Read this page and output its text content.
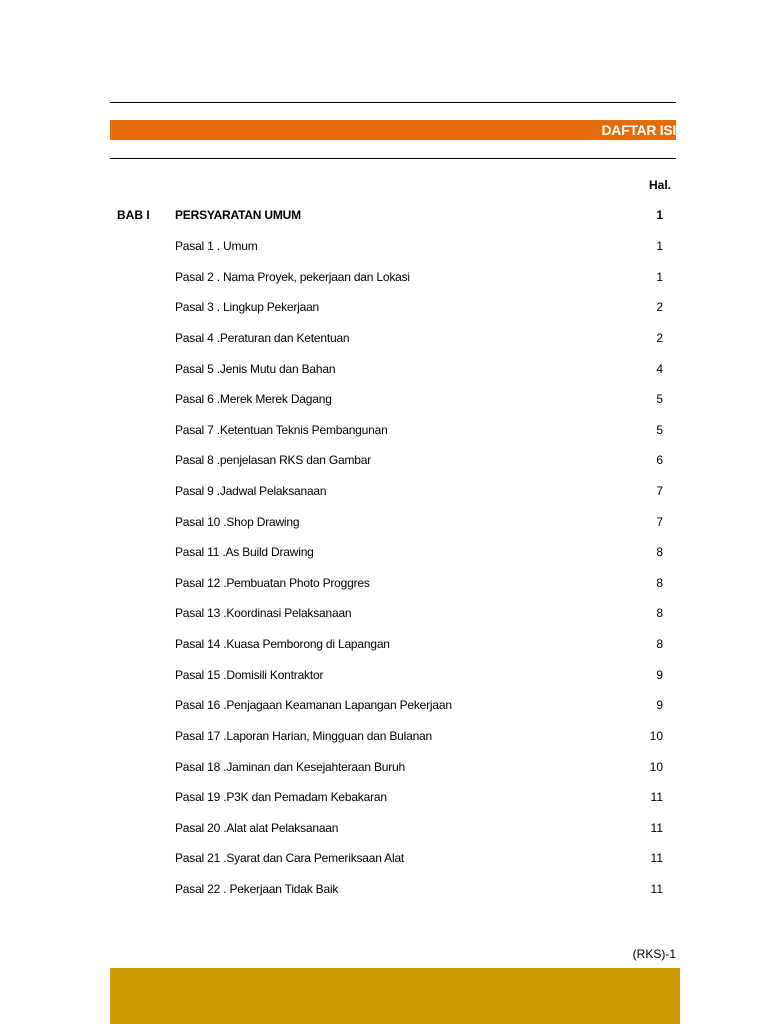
DAFTAR ISI
Hal.
BAB I PERSYARATAN UMUM	1
Pasal 1 . Umum	1
Pasal 2 . Nama Proyek, pekerjaan dan Lokasi	1
Pasal 3 . Lingkup Pekerjaan	2
Pasal 4 .Peraturan dan Ketentuan	2
Pasal 5 .Jenis Mutu dan Bahan	4
Pasal 6 .Merek Merek Dagang	5
Pasal 7 .Ketentuan Teknis Pembangunan	5
Pasal 8 .penjelasan RKS dan Gambar	6
Pasal 9 .Jadwal Pelaksanaan	7
Pasal 10 .Shop Drawing	7
Pasal 11 .As Build Drawing	8
Pasal 12 .Pembuatan Photo Proggres	8
Pasal 13 .Koordinasi Pelaksanaan	8
Pasal 14 .Kuasa Pemborong di Lapangan	8
Pasal 15 .Domisili Kontraktor	9
Pasal 16 .Penjagaan Keamanan Lapangan Pekerjaan	9
Pasal 17 .Laporan Harian, Mingguan dan Bulanan	10
Pasal 18 .Jaminan dan Kesejahteraan Buruh	10
Pasal 19 .P3K dan Pemadam Kebakaran	11
Pasal 20 .Alat alat Pelaksanaan	11
Pasal 21 .Syarat dan Cara Pemeriksaan Alat	11
Pasal 22 . Pekerjaan Tidak Baik	11
(RKS)-1
